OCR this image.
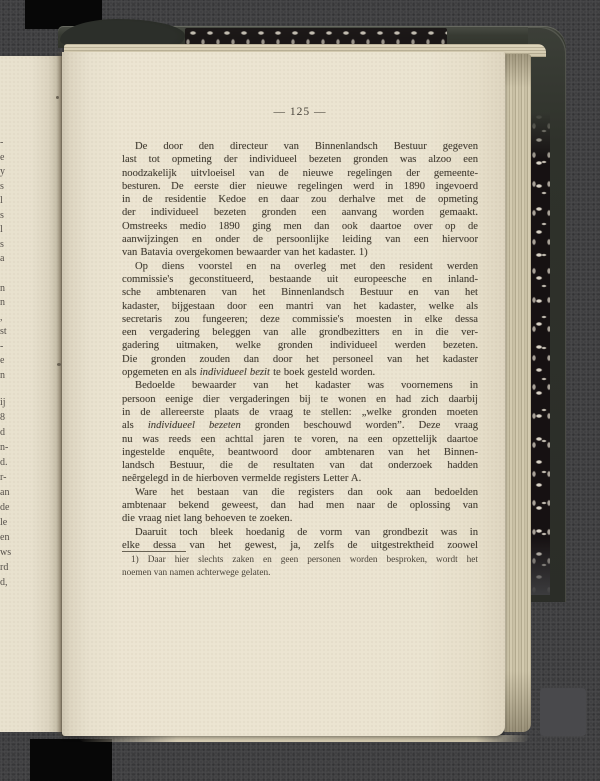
-
e
y
s
l
s
l
s
a
n
n
,
st
-
e
n
ij
8
d
n-
d.
r-
an
de
le
en
ws
rd
d,
— 125 —
De door den directeur van Binnenlandsch Bestuur gegeven
last tot opmeting der individueel bezeten gronden was alzoo een
noodzakelijk uitvloeisel van de nieuwe regelingen der gemeente-
besturen. De eerste dier nieuwe regelingen werd in 1890 ingevoerd
in de residentie Kedoe en daar zou derhalve met de opmeting
der individueel bezeten gronden een aanvang worden gemaakt.
Omstreeks medio 1890 ging men dan ook daartoe over op de
aanwijzingen en onder de persoonlijke leiding van een hiervoor
van Batavia overgekomen bewaarder van het kadaster. 1)
Op diens voorstel en na overleg met den resident werden
commissie's geconstitueerd, bestaande uit europeesche en inland-
sche ambtenaren van het Binnenlandsch Bestuur en van het
kadaster, bijgestaan door een mantri van het kadaster, welke als
secretaris zou fungeeren; deze commissie's moesten in elke dessa
een vergadering beleggen van alle grondbezitters en in die ver-
gadering uitmaken, welke gronden individueel werden bezeten.
Die gronden zouden dan door het personeel van het kadaster
opgemeten en als individueel bezit te boek gesteld worden.
Bedoelde bewaarder van het kadaster was voornemens in
persoon eenige dier vergaderingen bij te wonen en had zich daarbij
in de allereerste plaats de vraag te stellen: „welke gronden moeten
als individueel bezeten gronden beschouwd worden”. Deze vraag
nu was reeds een achttal jaren te voren, na een opzettelijk daartoe
ingestelde enquête, beantwoord door ambtenaren van het Binnen-
landsch Bestuur, die de resultaten van dat onderzoek hadden
neêrgelegd in de hierboven vermelde registers Letter A.
Ware het bestaan van die registers dan ook aan bedoelden
ambtenaar bekend geweest, dan had men naar de oplossing van
die vraag niet lang behoeven te zoeken.
Daaruit toch bleek hoedanig de vorm van grondbezit was in
elke dessa van het gewest, ja, zelfs de uitgestrektheid zoowel
1) Daar hier slechts zaken en geen personen worden besproken, wordt het
noemen van namen achterwege gelaten.
